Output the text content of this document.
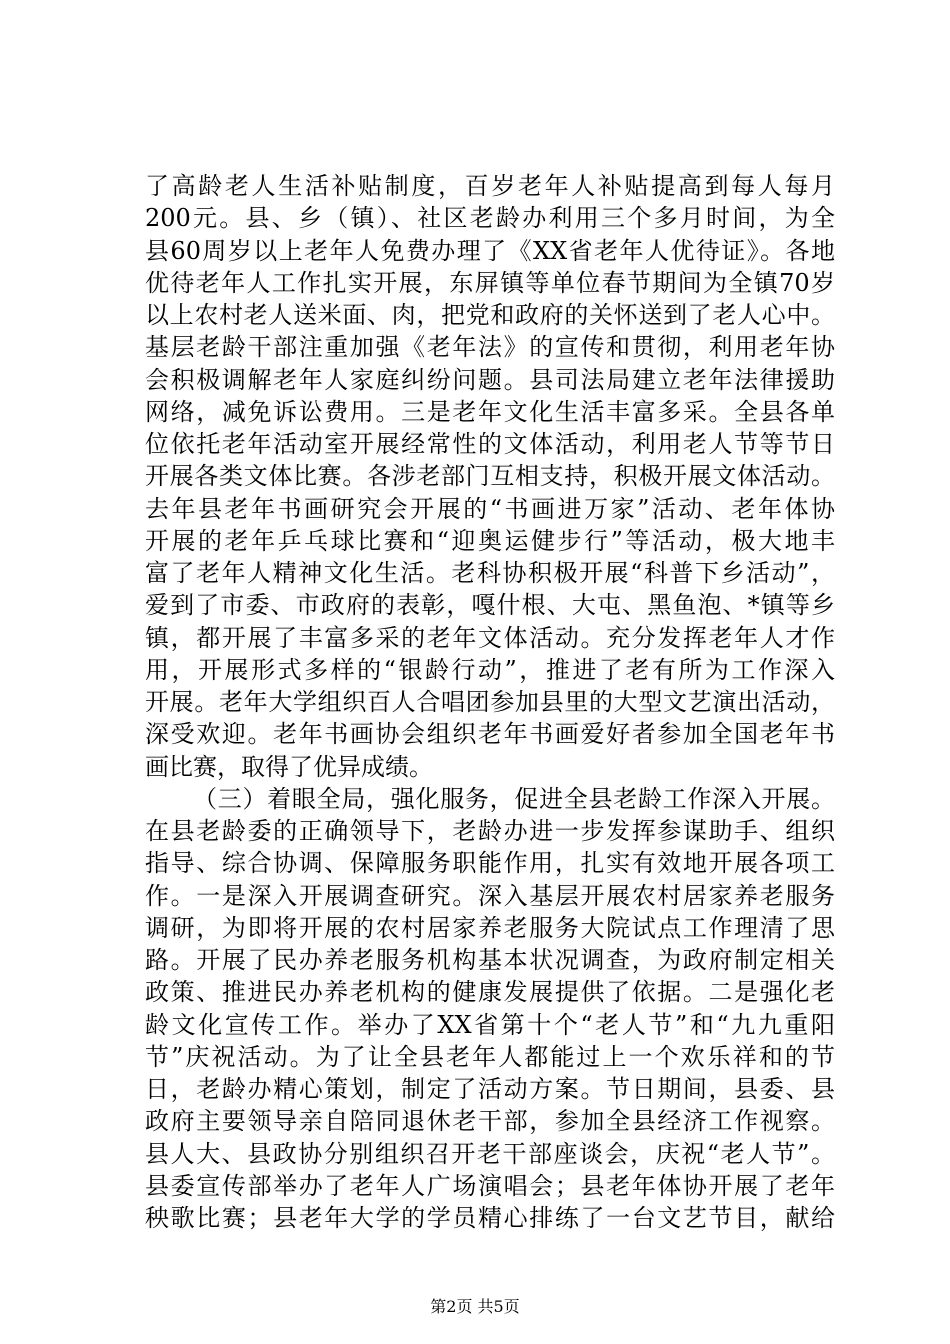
了高龄老人生活补贴制度，百岁老年人补贴提高到每人每月
200元。县、乡（镇）、社区老龄办利用三个多月时间，为全
县60周岁以上老年人免费办理了《XX省老年人优待证》。各地
优待老年人工作扎实开展，东屏镇等单位春节期间为全镇70岁
以上农村老人送米面、肉，把党和政府的关怀送到了老人心中。
基层老龄干部注重加强《老年法》的宣传和贯彻，利用老年协
会积极调解老年人家庭纠纷问题。县司法局建立老年法律援助
网络，减免诉讼费用。三是老年文化生活丰富多采。全县各单
位依托老年活动室开展经常性的文体活动，利用老人节等节日
开展各类文体比赛。各涉老部门互相支持，积极开展文体活动。
去年县老年书画研究会开展的“书画进万家”活动、老年体协
开展的老年乒乓球比赛和“迎奥运健步行”等活动，极大地丰
富了老年人精神文化生活。老科协积极开展“科普下乡活动”，
爱到了市委、市政府的表彰，嘎什根、大屯、黑鱼泡、*镇等乡
镇，都开展了丰富多采的老年文体活动。充分发挥老年人才作
用，开展形式多样的“银龄行动”，推进了老有所为工作深入
开展。老年大学组织百人合唱团参加县里的大型文艺演出活动，
深受欢迎。老年书画协会组织老年书画爱好者参加全国老年书
画比赛，取得了优异成绩。
（三）着眼全局，强化服务，促进全县老龄工作深入开展。
在县老龄委的正确领导下，老龄办进一步发挥参谋助手、组织
指导、综合协调、保障服务职能作用，扎实有效地开展各项工
作。一是深入开展调查研究。深入基层开展农村居家养老服务
调研，为即将开展的农村居家养老服务大院试点工作理清了思
路。开展了民办养老服务机构基本状况调查，为政府制定相关
政策、推进民办养老机构的健康发展提供了依据。二是强化老
龄文化宣传工作。举办了XX省第十个“老人节”和“九九重阳
节”庆祝活动。为了让全县老年人都能过上一个欢乐祥和的节
日，老龄办精心策划，制定了活动方案。节日期间，县委、县
政府主要领导亲自陪同退休老干部，参加全县经济工作视察。
县人大、县政协分别组织召开老干部座谈会，庆祝“老人节”。
县委宣传部举办了老年人广场演唱会；县老年体协开展了老年
秧歌比赛；县老年大学的学员精心排练了一台文艺节目，献给
第2页 共5页
